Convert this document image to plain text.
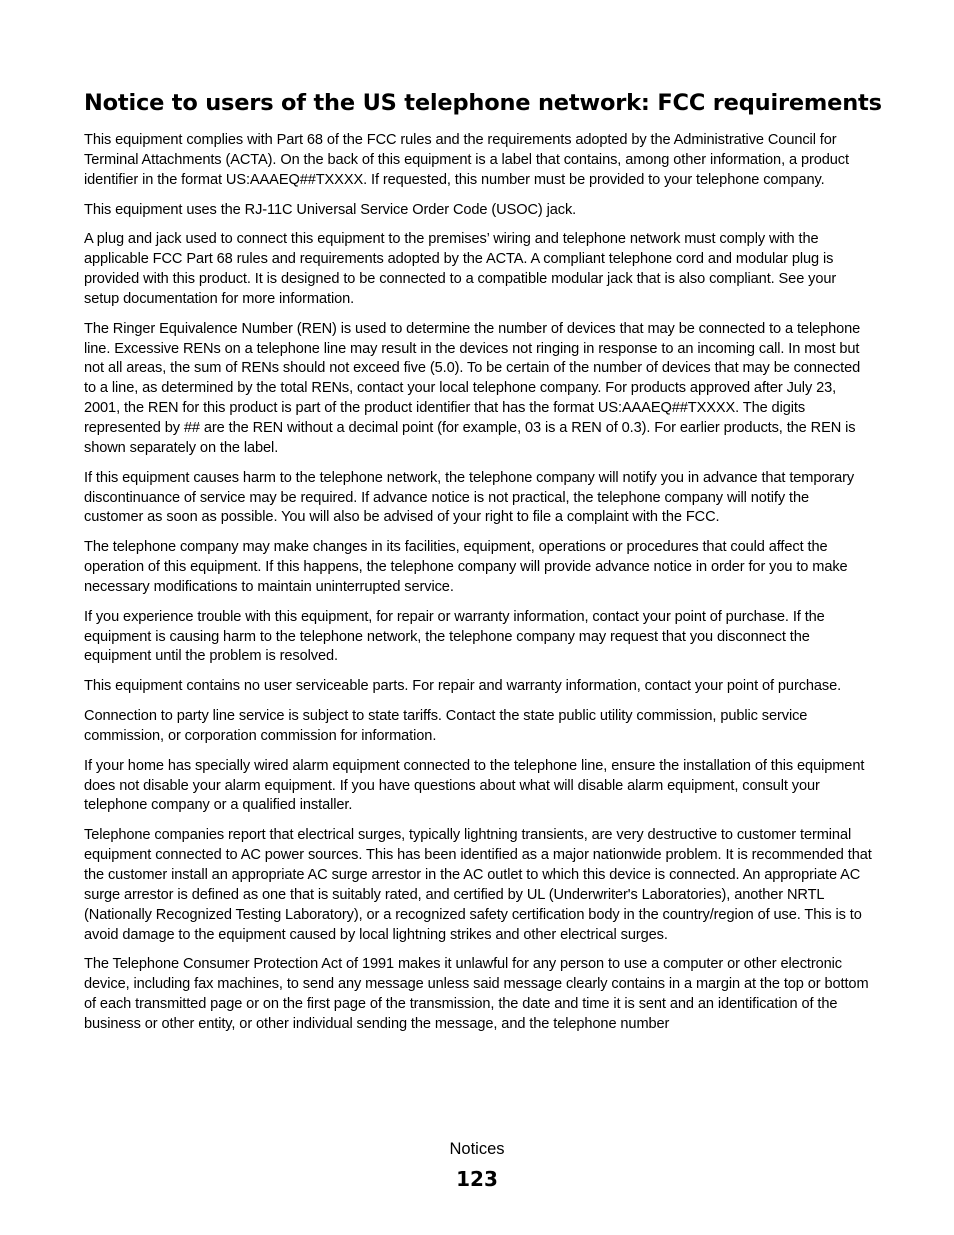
Notice to users of the US telephone network: FCC requirements

This equipment complies with Part 68 of the FCC rules and the requirements adopted by the Administrative Council for Terminal Attachments (ACTA). On the back of this equipment is a label that contains, among other information, a product identifier in the format US:AAAEQ##TXXXX. If requested, this number must be provided to your telephone company.

This equipment uses the RJ-11C Universal Service Order Code (USOC) jack.

A plug and jack used to connect this equipment to the premises’ wiring and telephone network must comply with the applicable FCC Part 68 rules and requirements adopted by the ACTA. A compliant telephone cord and modular plug is provided with this product. It is designed to be connected to a compatible modular jack that is also compliant. See your setup documentation for more information.

The Ringer Equivalence Number (REN) is used to determine the number of devices that may be connected to a telephone line. Excessive RENs on a telephone line may result in the devices not ringing in response to an incoming call. In most but not all areas, the sum of RENs should not exceed five (5.0). To be certain of the number of devices that may be connected to a line, as determined by the total RENs, contact your local telephone company. For products approved after July 23, 2001, the REN for this product is part of the product identifier that has the format US:AAAEQ##TXXXX. The digits represented by ## are the REN without a decimal point (for example, 03 is a REN of 0.3). For earlier products, the REN is shown separately on the label.

If this equipment causes harm to the telephone network, the telephone company will notify you in advance that temporary discontinuance of service may be required. If advance notice is not practical, the telephone company will notify the customer as soon as possible. You will also be advised of your right to file a complaint with the FCC.

The telephone company may make changes in its facilities, equipment, operations or procedures that could affect the operation of this equipment. If this happens, the telephone company will provide advance notice in order for you to make necessary modifications to maintain uninterrupted service.

If you experience trouble with this equipment, for repair or warranty information, contact your point of purchase. If the equipment is causing harm to the telephone network, the telephone company may request that you disconnect the equipment until the problem is resolved.

This equipment contains no user serviceable parts. For repair and warranty information, contact your point of purchase.

Connection to party line service is subject to state tariffs. Contact the state public utility commission, public service commission, or corporation commission for information.

If your home has specially wired alarm equipment connected to the telephone line, ensure the installation of this equipment does not disable your alarm equipment. If you have questions about what will disable alarm equipment, consult your telephone company or a qualified installer.

Telephone companies report that electrical surges, typically lightning transients, are very destructive to customer terminal equipment connected to AC power sources. This has been identified as a major nationwide problem. It is recommended that the customer install an appropriate AC surge arrestor in the AC outlet to which this device is connected. An appropriate AC surge arrestor is defined as one that is suitably rated, and certified by UL (Underwriter's Laboratories), another NRTL (Nationally Recognized Testing Laboratory), or a recognized safety certification body in the country/region of use. This is to avoid damage to the equipment caused by local lightning strikes and other electrical surges.

The Telephone Consumer Protection Act of 1991 makes it unlawful for any person to use a computer or other electronic device, including fax machines, to send any message unless said message clearly contains in a margin at the top or bottom of each transmitted page or on the first page of the transmission, the date and time it is sent and an identification of the business or other entity, or other individual sending the message, and the telephone number

Notices
123
